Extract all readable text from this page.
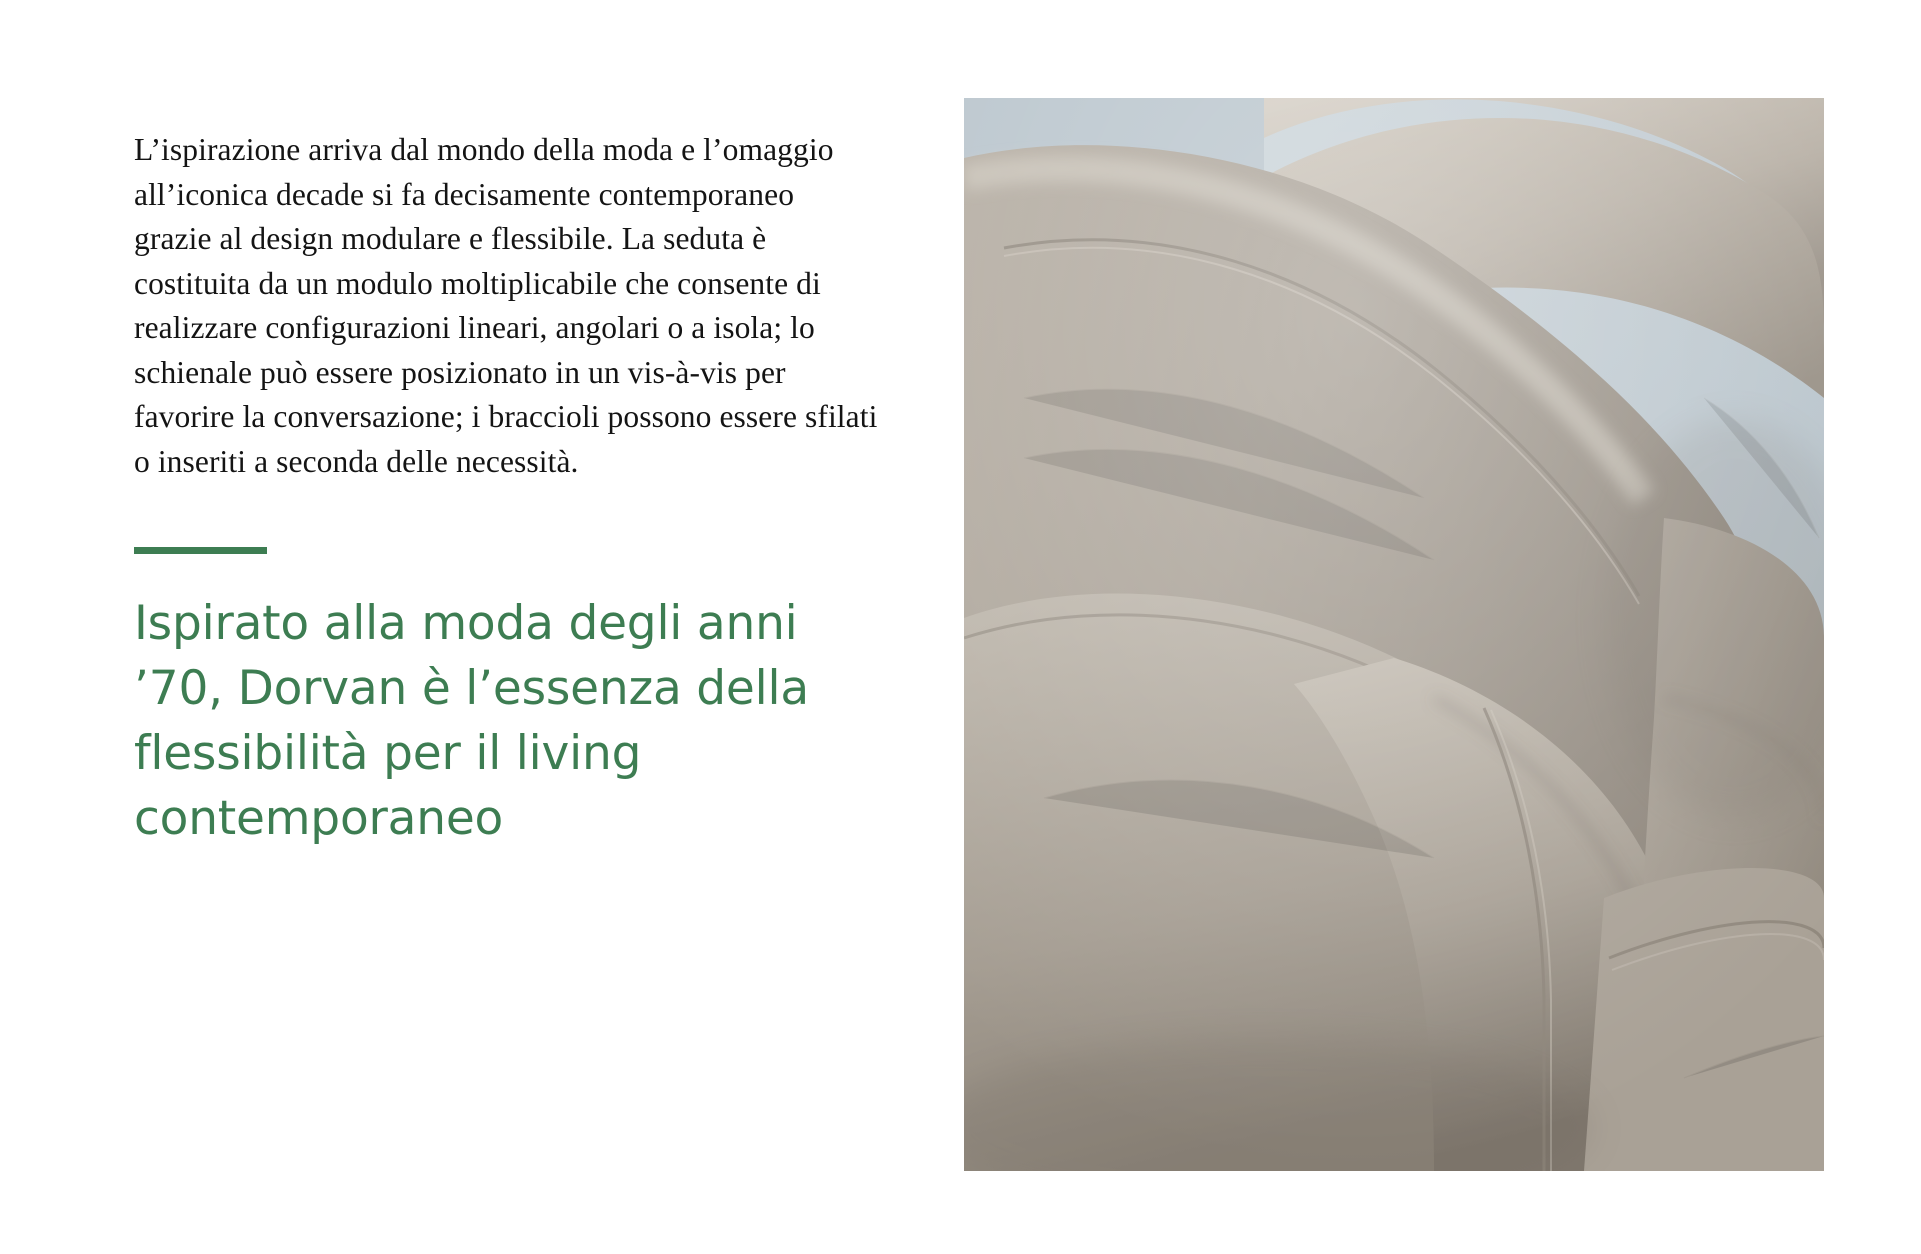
L’ispirazione arriva dal mondo della moda e l’omaggio all’iconica decade si fa decisamente contemporaneo grazie al design modulare e flessibile. La seduta è costituita da un modulo moltiplicabile che consente di realizzare configurazioni lineari, angolari o a isola; lo schienale può essere posizionato in un vis-à-vis per favorire la conversazione; i braccioli possono essere sfilati o inseriti a seconda delle necessità.

Ispirato alla moda degli anni ’70, Dorvan è l’essenza della flessibilità per il living contemporaneo
